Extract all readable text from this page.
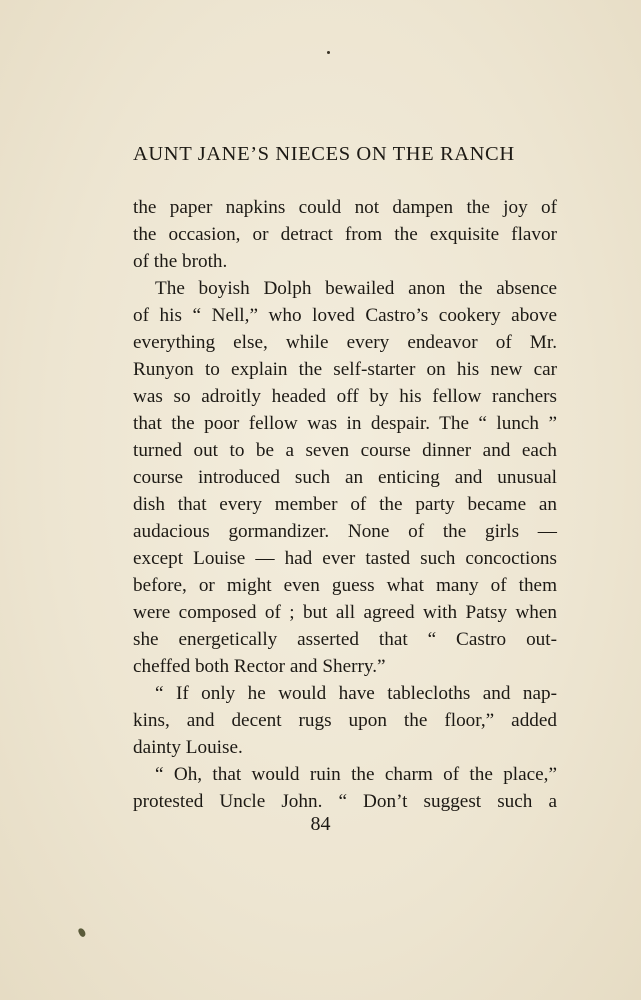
AUNT JANE’S NIECES ON THE RANCH

the paper napkins could not dampen the joy of

the occasion, or detract from the exquisite flavor

of the broth.

The boyish Dolph bewailed anon the absence

of his “ Nell,” who loved Castro’s cookery above

everything else, while every endeavor of Mr.

Runyon to explain the self-starter on his new car

was so adroitly headed off by his fellow ranchers

that the poor fellow was in despair. The “ lunch ”

turned out to be a seven course dinner and each

course introduced such an enticing and unusual

dish that every member of the party became an

audacious gormandizer. None of the girls —

except Louise — had ever tasted such concoctions

before, or might even guess what many of them

were composed of ; but all agreed with Patsy when

she energetically asserted that “ Castro out-

cheffed both Rector and Sherry.”

“ If only he would have tablecloths and nap-

kins, and decent rugs upon the floor,” added

dainty Louise.

“ Oh, that would ruin the charm of the place,”

protested Uncle John. “ Don’t suggest such a

84
